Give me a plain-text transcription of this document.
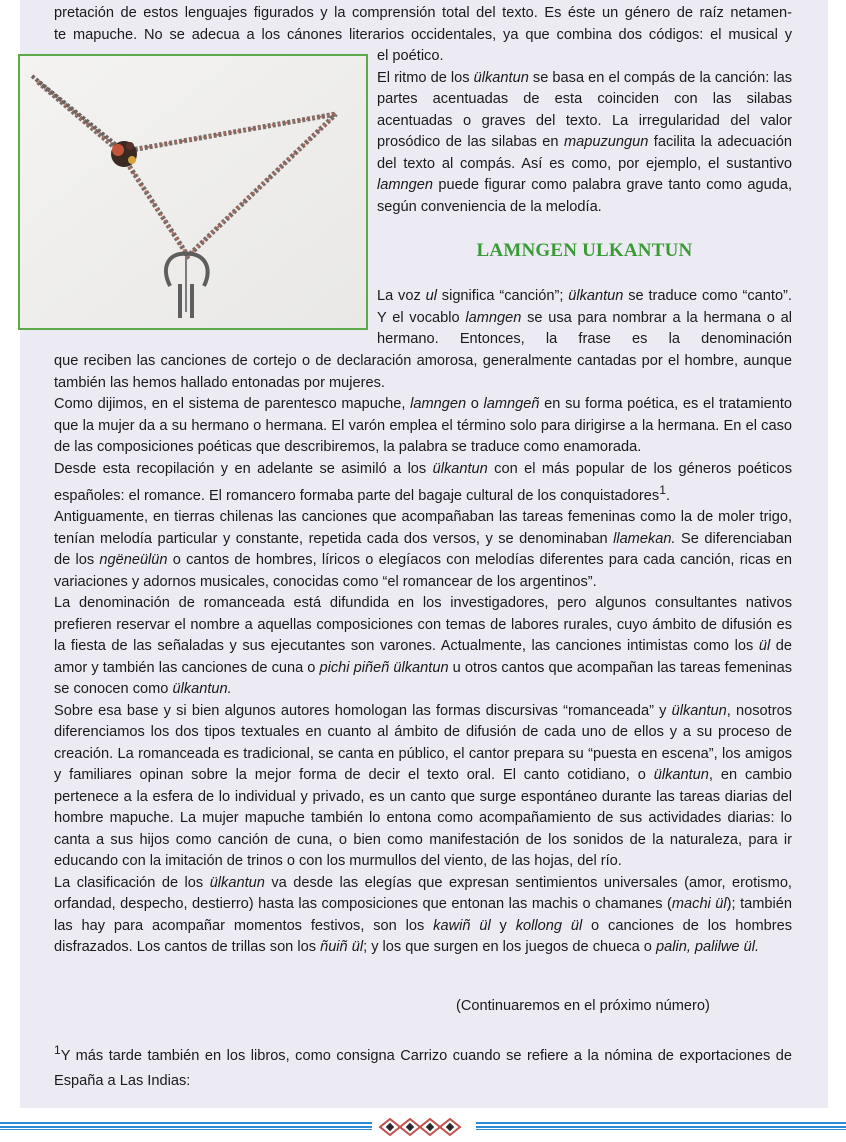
pretación de estos lenguajes figurados y la comprensión total del texto. Es éste un género de raíz netamen-

te mapuche. No se adecua a los cánones literarios occidentales, ya que combina dos códigos: el musical y

el poético.

El ritmo de los ülkantun se basa en el compás de la canción: las partes acentuadas de esta coinciden con las silabas acentuadas o graves del texto. La irregularidad del valor prosódico de las silabas en mapuzungun facilita la adecuación del texto al compás. Así es como, por ejemplo, el sustantivo lamngen puede figurar como palabra grave tanto como aguda, según conveniencia de la melodía.

LAMNGEN ULKANTUN

La voz ul significa “canción”; ülkantun se traduce como “canto”. Y el vocablo lamngen se usa para nombrar a la hermana o al hermano. Entonces, la frase es la denominación

que reciben las canciones de cortejo o de declaración amorosa, generalmente cantadas por el hombre, aunque también las hemos hallado entonadas por mujeres.

Como dijimos, en el sistema de parentesco mapuche, lamngen o lamngeñ en su forma poética, es el tratamiento que la mujer da a su hermano o hermana. El varón emplea el término solo para dirigirse a la hermana. En el caso de las composiciones poéticas que describiremos, la palabra se traduce como enamorada.

Desde esta recopilación y en adelante se asimiló a los ülkantun con el más popular de los géneros poéticos españoles: el romance. El romancero formaba parte del bagaje cultural de los conquistadores$^1$.

Antiguamente, en tierras chilenas las canciones que acompañaban las tareas femeninas como la de moler trigo, tenían melodía particular y constante, repetida cada dos versos, y se denominaban llamekan. Se diferenciaban de los ngëneülün o cantos de hombres, líricos o elegíacos con melodías diferentes para cada canción, ricas en variaciones y adornos musicales, conocidas como “el romancear de los argentinos”.

La denominación de romanceada está difundida en los investigadores, pero algunos consultantes nativos prefieren reservar el nombre a aquellas composiciones con temas de labores rurales, cuyo ámbito de difusión es la fiesta de las señaladas y sus ejecutantes son varones. Actualmente, las canciones intimistas como los ül de amor y también las canciones de cuna o pichi piñeñ ülkantun u otros cantos que acompañan las tareas femeninas se conocen como ülkantun.

Sobre esa base y si bien algunos autores homologan las formas discursivas “romanceada” y ülkantun, nosotros diferenciamos los dos tipos textuales en cuanto al ámbito de difusión de cada uno de ellos y a su proceso de creación. La romanceada es tradicional, se canta en público, el cantor prepara su “puesta en escena”, los amigos y familiares opinan sobre la mejor forma de decir el texto oral. El canto cotidiano, o ülkantun, en cambio pertenece a la esfera de lo individual y privado, es un canto que surge espontáneo durante las tareas diarias del hombre mapuche. La mujer mapuche también lo entona como acompañamiento de sus actividades diarias: lo canta a sus hijos como canción de cuna, o bien como manifestación de los sonidos de la naturaleza, para ir educando con la imitación de trinos o con los murmullos del viento, de las hojas, del río.

La clasificación de los ülkantun va desde las elegías que expresan sentimientos universales (amor, erotismo, orfandad, despecho, destierro) hasta las composiciones que entonan las machis o chamanes (machi ül); también las hay para acompañar momentos festivos, son los kawiñ ül y kollong ül o canciones de los hombres disfrazados. Los cantos de trillas son los ñuiñ ül; y los que surgen en los juegos de chueca o palin, palilwe ül.

(Continuaremos en el próximo número)
$^1$Y más tarde también en los libros, como consigna Carrizo cuando se refiere a la nómina de exportaciones de España a Las Indias:
